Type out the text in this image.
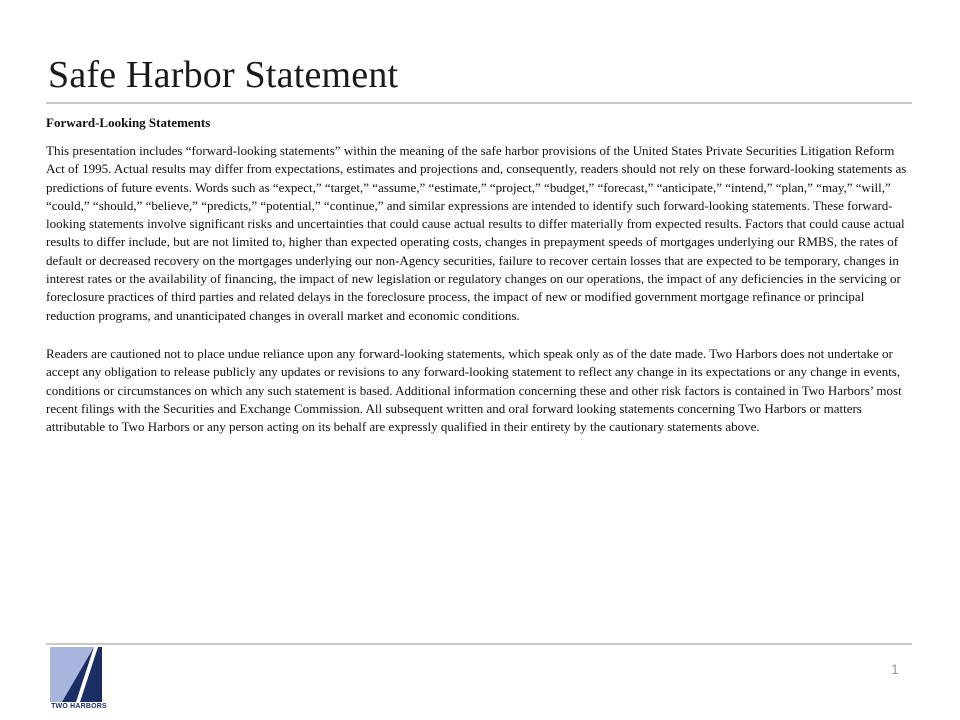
Safe Harbor Statement
Forward-Looking Statements

This presentation includes “forward-looking statements” within the meaning of the safe harbor provisions of the United States Private Securities Litigation Reform Act of 1995. Actual results may differ from expectations, estimates and projections and, consequently, readers should not rely on these forward-looking statements as predictions of future events. Words such as “expect,” “target,” “assume,” “estimate,” “project,” “budget,” “forecast,” “anticipate,” “intend,” “plan,” “may,” “will,” “could,” “should,” “believe,” “predicts,” “potential,” “continue,” and similar expressions are intended to identify such forward-looking statements. These forward-looking statements involve significant risks and uncertainties that could cause actual results to differ materially from expected results. Factors that could cause actual results to differ include, but are not limited to, higher than expected operating costs, changes in prepayment speeds of mortgages underlying our RMBS, the rates of default or decreased recovery on the mortgages underlying our non-Agency securities, failure to recover certain losses that are expected to be temporary, changes in interest rates or the availability of financing, the impact of new legislation or regulatory changes on our operations, the impact of any deficiencies in the servicing or foreclosure practices of third parties and related delays in the foreclosure process, the impact of new or modified government mortgage refinance or principal reduction programs, and unanticipated changes in overall market and economic conditions.

Readers are cautioned not to place undue reliance upon any forward-looking statements, which speak only as of the date made. Two Harbors does not undertake or accept any obligation to release publicly any updates or revisions to any forward-looking statement to reflect any change in its expectations or any change in events, conditions or circumstances on which any such statement is based. Additional information concerning these and other risk factors is contained in Two Harbors’ most recent filings with the Securities and Exchange Commission. All subsequent written and oral forward looking statements concerning Two Harbors or matters attributable to Two Harbors or any person acting on its behalf are expressly qualified in their entirety by the cautionary statements above.

TWO HARBORS
1
